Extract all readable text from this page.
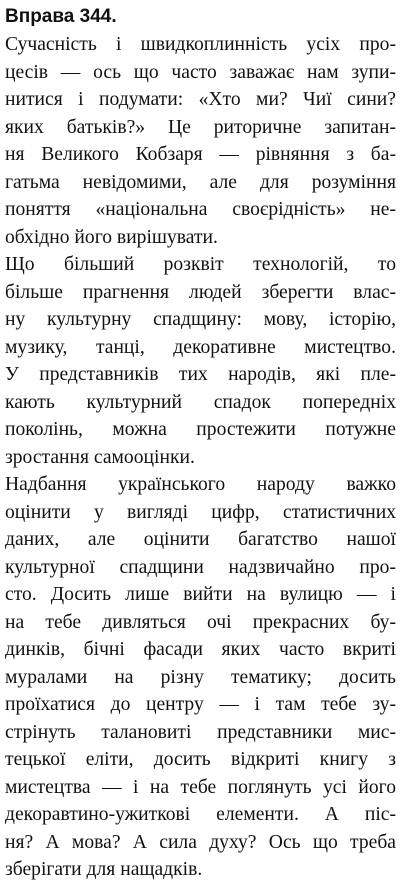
Вправа 344.
Сучасність і швидкоплинність усіх про-
цесів — ось що часто заважає нам зупи-
нитися і подумати: «Хто ми? Чиї сини?
яких батьків?» Це риторичне запитан-
ня Великого Кобзаря — рівняння з ба-
гатьма невідомими, але для розуміння
поняття «національна своєрідність» не-
обхідно його вирішувати.
Що більший розквіт технологій, то
більше прагнення людей зберегти влас-
ну культурну спадщину: мову, історію,
музику, танці, декоративне мистецтво.
У представників тих народів, які пле-
кають культурний спадок попередніх
поколінь, можна простежити потужне
зростання самооцінки.
Надбання українського народу важко
оцінити у вигляді цифр, статистичних
даних, але оцінити багатство нашої
культурної спадщини надзвичайно про-
сто. Досить лише вийти на вулицю — і
на тебе дивляться очі прекрасних бу-
динків, бічні фасади яких часто вкриті
муралами на різну тематику; досить
проїхатися до центру — і там тебе зу-
стрінуть талановиті представники мис-
тецької еліти, досить відкриті книгу з
мистецтва — і на тебе поглянуть усі його
декоравтино-ужиткові елементи. А піс-
ня? А мова? А сила духу? Ось що треба
зберігати для нащадків.
